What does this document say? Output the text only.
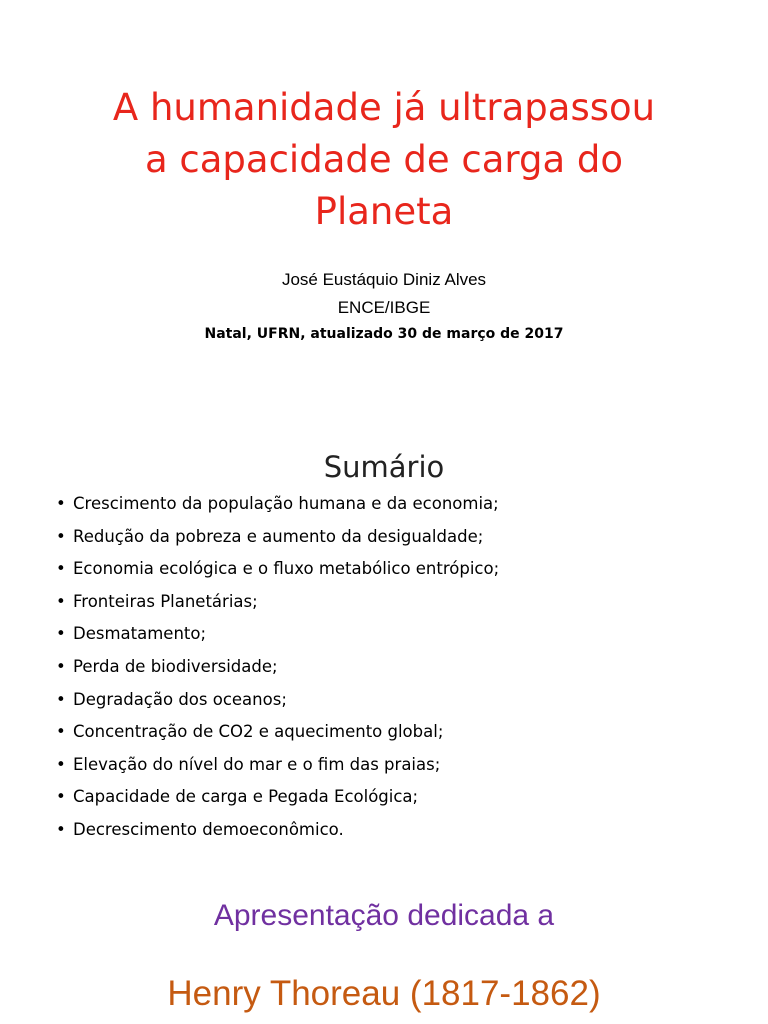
A humanidade já ultrapassou
a capacidade de carga do
Planeta
José Eustáquio Diniz Alves
ENCE/IBGE
Natal, UFRN, atualizado 30 de março de 2017
Sumário
• Crescimento da população humana e da economia;
• Redução da pobreza e aumento da desigualdade;
• Economia ecológica e o fluxo metabólico entrópico;
• Fronteiras Planetárias;
• Desmatamento;
• Perda de biodiversidade;
• Degradação dos oceanos;
• Concentração de CO2 e aquecimento global;
• Elevação do nível do mar e o fim das praias;
• Capacidade de carga e Pegada Ecológica;
• Decrescimento demoeconômico.
Apresentação dedicada a
Henry Thoreau (1817-1862)
